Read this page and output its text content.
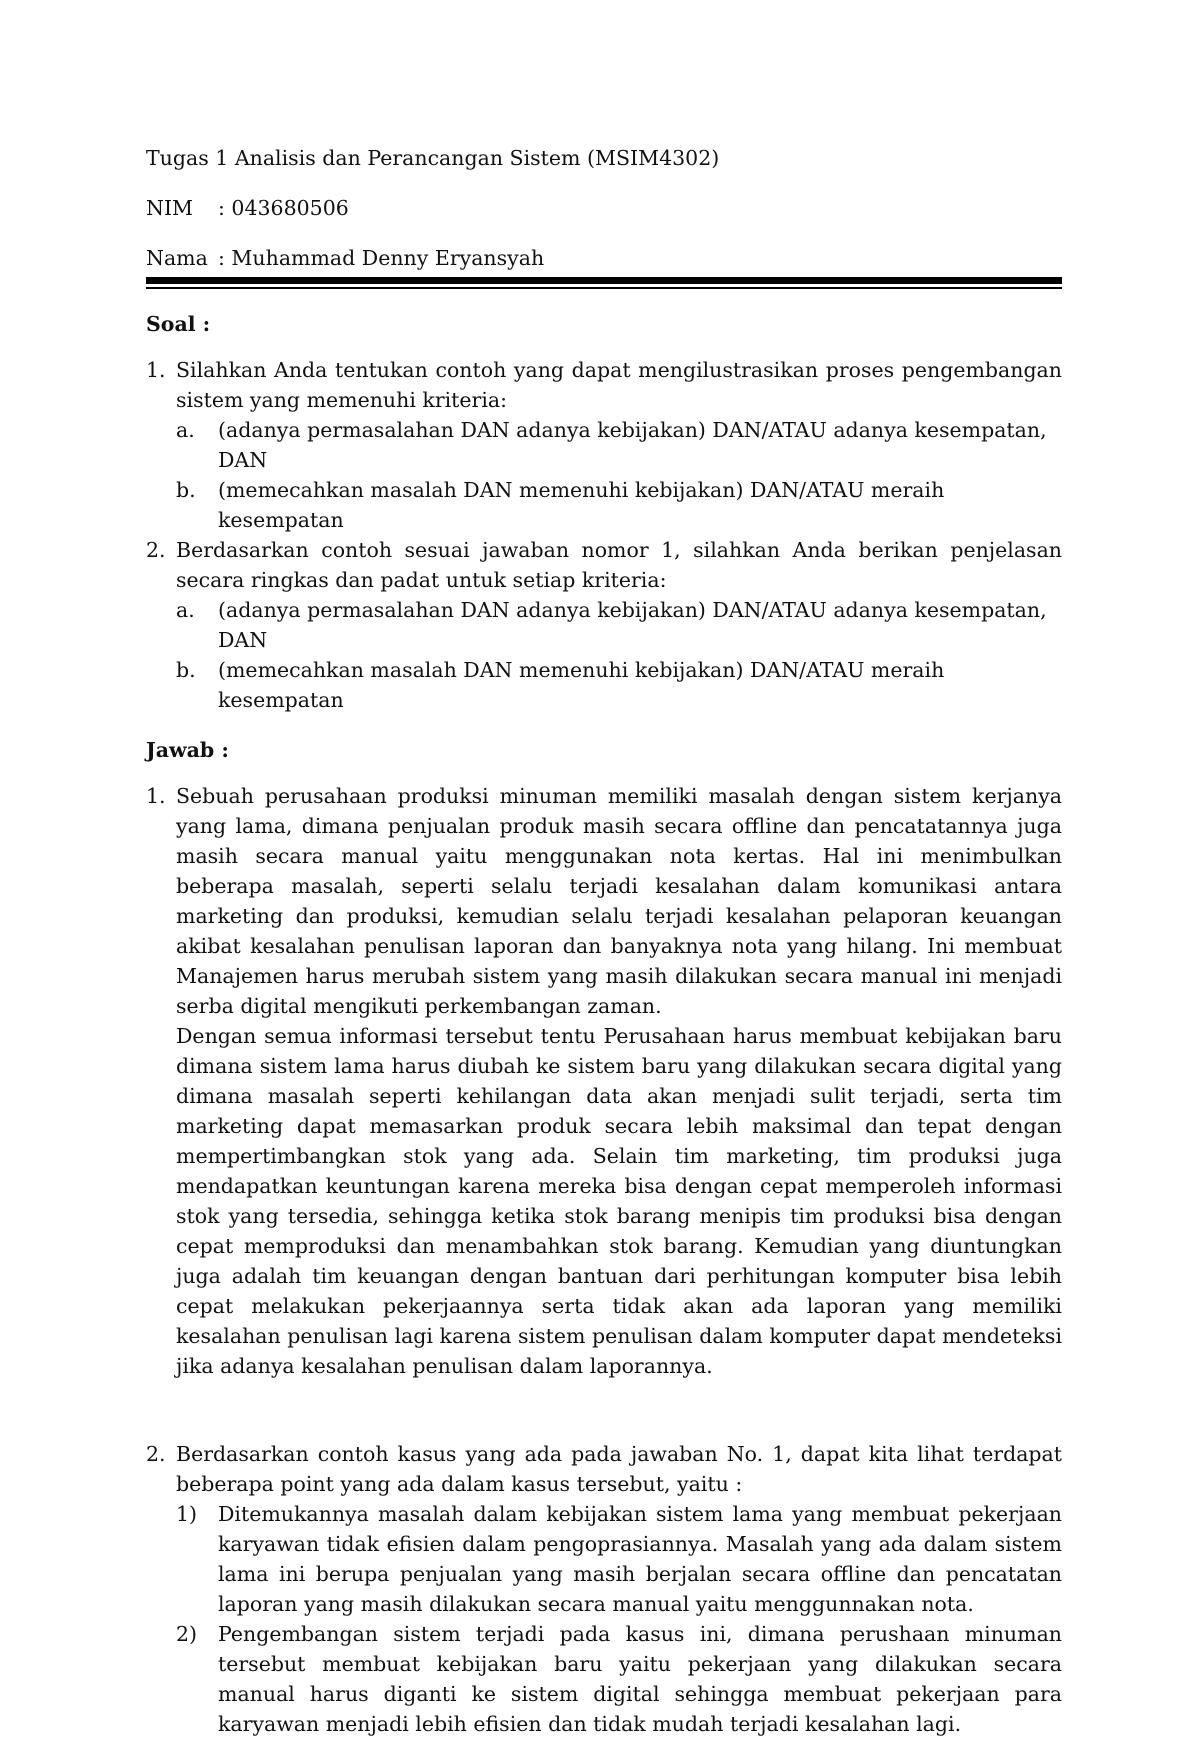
Tugas 1 Analisis dan Perancangan Sistem (MSIM4302)

NIM	: 043680506
Nama : Muhammad Denny Eryansyah

Soal :

1. Silahkan Anda tentukan contoh yang dapat mengilustrasikan proses pengembangan sistem yang memenuhi kriteria:
a.	(adanya permasalahan DAN adanya kebijakan) DAN/ATAU adanya kesempatan, DAN
b.	(memecahkan masalah DAN memenuhi kebijakan) DAN/ATAU meraih kesempatan
2. Berdasarkan contoh sesuai jawaban nomor 1, silahkan Anda berikan penjelasan secara ringkas dan padat untuk setiap kriteria:
a.	(adanya permasalahan DAN adanya kebijakan) DAN/ATAU adanya kesempatan, DAN
b.	(memecahkan masalah DAN memenuhi kebijakan) DAN/ATAU meraih kesempatan

Jawab :

1. Sebuah perusahaan produksi minuman memiliki masalah dengan sistem kerjanya yang lama, dimana penjualan produk masih secara offline dan pencatatannya juga masih secara manual yaitu menggunakan nota kertas. Hal ini menimbulkan beberapa masalah, seperti selalu terjadi kesalahan dalam komunikasi antara marketing dan produksi, kemudian selalu terjadi kesalahan pelaporan keuangan akibat kesalahan penulisan laporan dan banyaknya nota yang hilang. Ini membuat Manajemen harus merubah sistem yang masih dilakukan secara manual ini menjadi serba digital mengikuti perkembangan zaman.
Dengan semua informasi tersebut tentu Perusahaan harus membuat kebijakan baru dimana sistem lama harus diubah ke sistem baru yang dilakukan secara digital yang dimana masalah seperti kehilangan data akan menjadi sulit terjadi, serta tim marketing dapat memasarkan produk secara lebih maksimal dan tepat dengan mempertimbangkan stok yang ada. Selain tim marketing, tim produksi juga mendapatkan keuntungan karena mereka bisa dengan cepat memperoleh informasi stok yang tersedia, sehingga ketika stok barang menipis tim produksi bisa dengan cepat memproduksi dan menambahkan stok barang. Kemudian yang diuntungkan juga adalah tim keuangan dengan bantuan dari perhitungan komputer bisa lebih cepat melakukan pekerjaannya serta tidak akan ada laporan yang memiliki kesalahan penulisan lagi karena sistem penulisan dalam komputer dapat mendeteksi jika adanya kesalahan penulisan dalam laporannya.
2. Berdasarkan contoh kasus yang ada pada jawaban No. 1, dapat kita lihat terdapat beberapa point yang ada dalam kasus tersebut, yaitu :
1)	Ditemukannya masalah dalam kebijakan sistem lama yang membuat pekerjaan karyawan tidak efisien dalam pengoprasiannya. Masalah yang ada dalam sistem lama ini berupa penjualan yang masih berjalan secara offline dan pencatatan laporan yang masih dilakukan secara manual yaitu menggunnakan nota.
2)	Pengembangan sistem terjadi pada kasus ini, dimana perushaan minuman tersebut membuat kebijakan baru yaitu pekerjaan yang dilakukan secara manual harus diganti ke sistem digital sehingga membuat pekerjaan para karyawan menjadi lebih efisien dan tidak mudah terjadi kesalahan lagi.
